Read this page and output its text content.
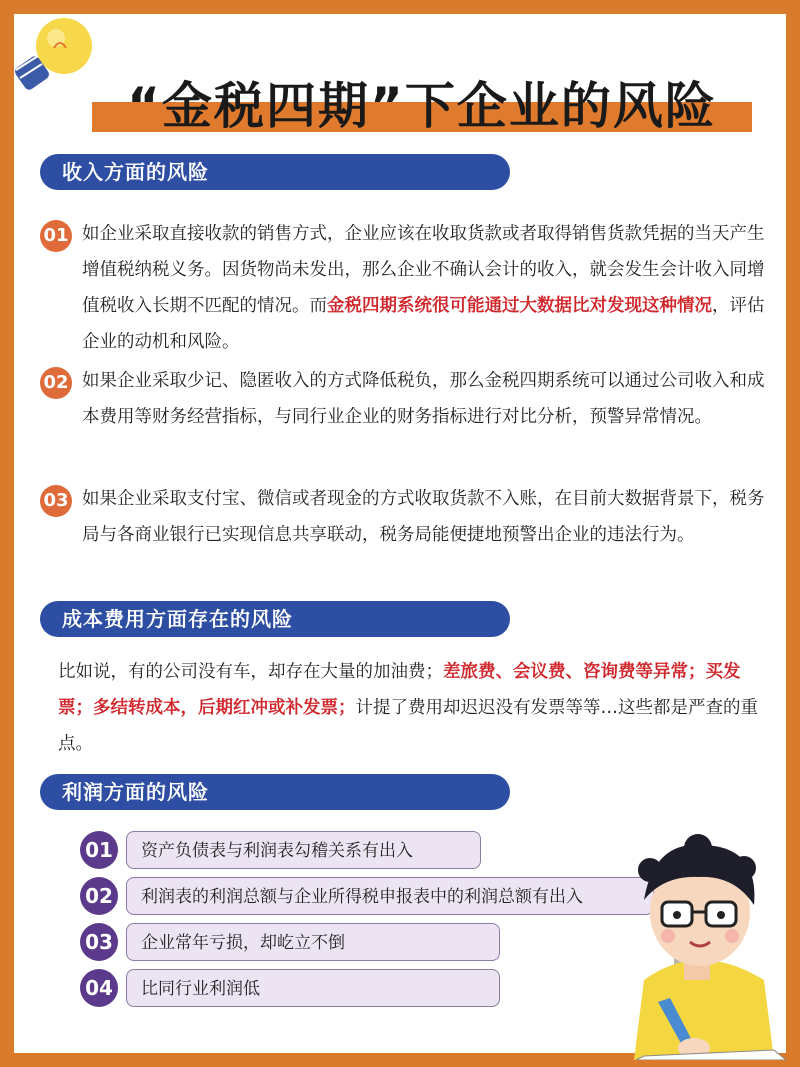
“金税四期”下企业的风险
收入方面的风险
01 如企业采取直接收款的销售方式，企业应该在收取货款或者取得销售货款凭据的当天产生增值税纳税义务。因货物尚未发出，那么企业不确认会计的收入，就会发生会计收入同增值税收入长期不匹配的情况。而金税四期系统很可能通过大数据比对发现这种情况，评估企业的动机和风险。
02 如果企业采取少记、隐匿收入的方式降低税负，那么金税四期系统可以通过公司收入和成本费用等财务经营指标，与同行业企业的财务指标进行对比分析，预警异常情况。
03 如果企业采取支付宝、微信或者现金的方式收取货款不入账，在目前大数据背景下，税务局与各商业银行已实现信息共享联动，税务局能便捷地预警出企业的违法行为。
成本费用方面存在的风险
比如说，有的公司没有车，却存在大量的加油费；差旅费、会议费、咨询费等异常；买发票；多结转成本，后期红冲或补发票；计提了费用却迟迟没有发票等等…这些都是严查的重点。
利润方面的风险
01	资产负债表与利润表勾稽关系有出入
02	利润表的利润总额与企业所得税申报表中的利润总额有出入
03	企业常年亏损，却屹立不倒
04	比同行业利润低
